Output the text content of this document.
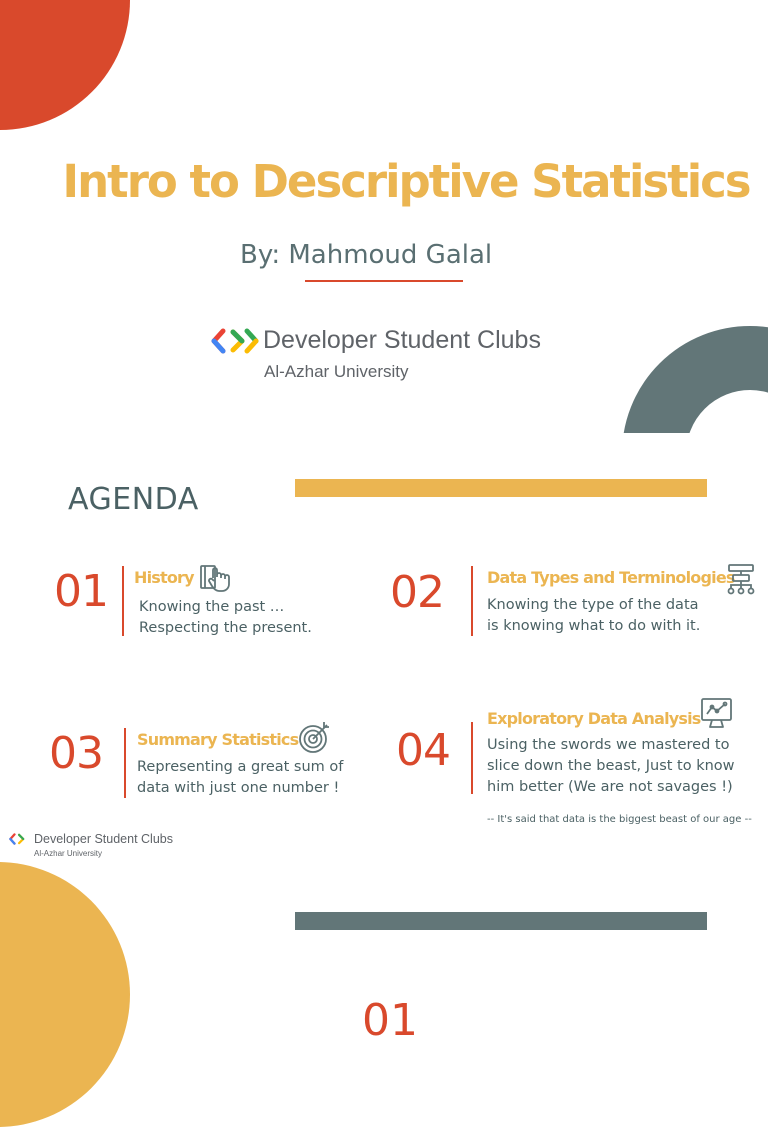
Intro to Descriptive Statistics
By: Mahmoud Galal
Developer Student Clubs
Al-Azhar University
AGENDA
01 History
Knowing the past …
Respecting the present.
02	Data Types and Terminologies
Knowing the type of the data
is knowing what to do with it.
03 Summary Statistics
Representing a great sum of
data with just one number !
04
Exploratory Data Analysis
Using the swords we mastered to
slice down the beast, Just to know
him better (We are not savages !)
-- It's said that data is the biggest beast of our age --
Developer Student Clubs
Al-Azhar University
01
